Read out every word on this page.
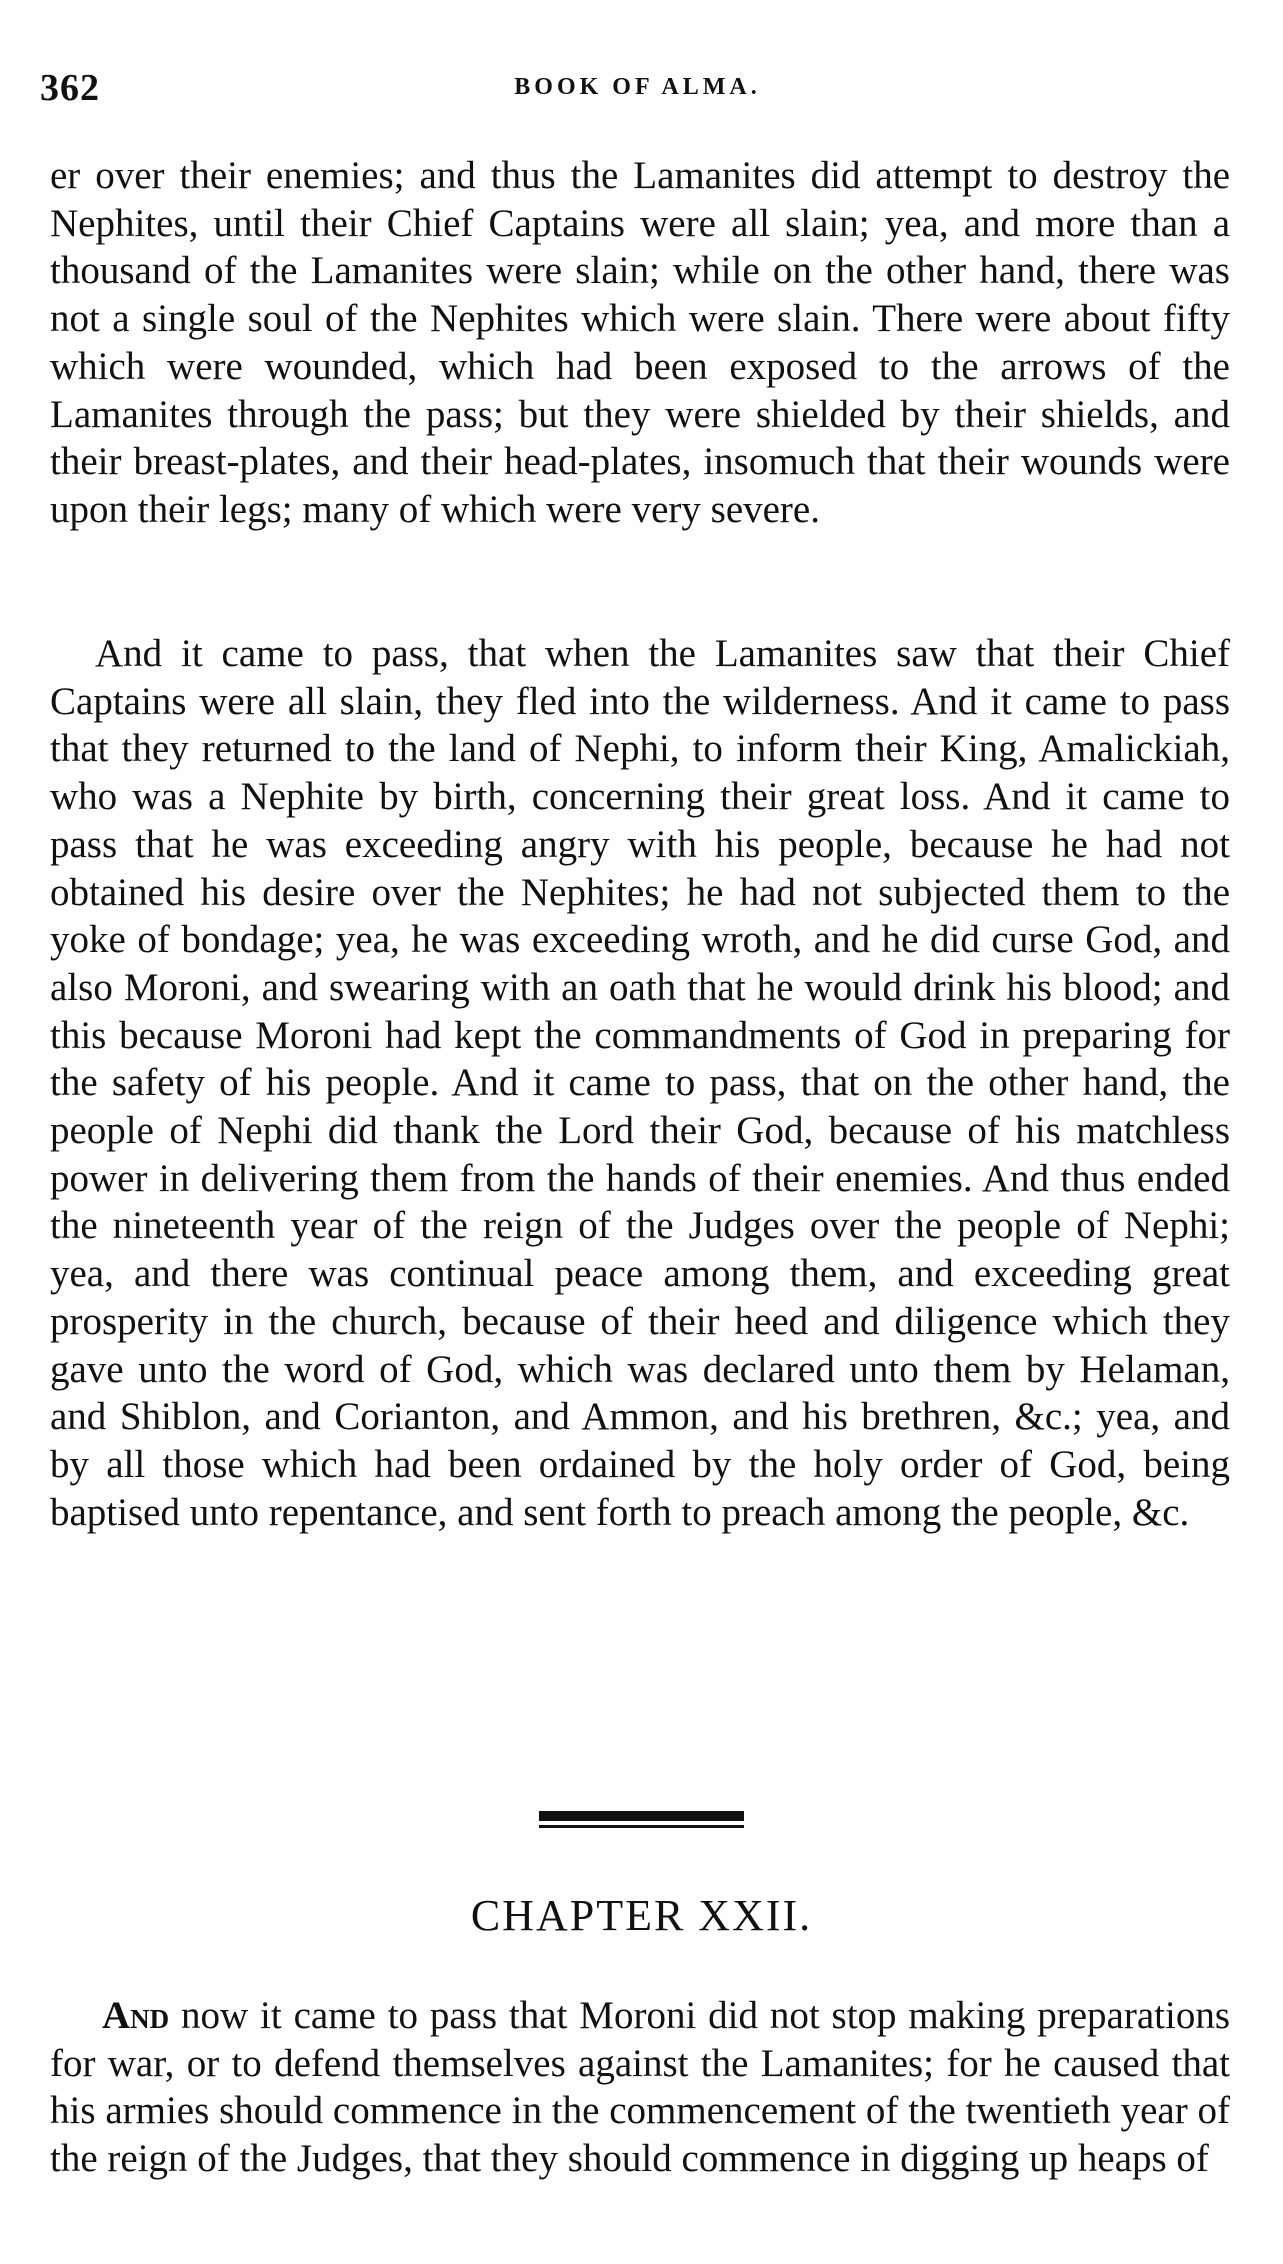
362	BOOK OF ALMA.

er over their enemies; and thus the Lamanites did attempt to destroy the Nephites, until their Chief Captains were all slain; yea, and more than a thousand of the Lamanites were slain; while on the other hand, there was not a single soul of the Nephites which were slain. There were about fifty which were wounded, which had been exposed to the arrows of the Lamanites through the pass; but they were shielded by their shields, and their breast-plates, and their head-plates, insomuch that their wounds were upon their legs; many of which were very severe.

And it came to pass, that when the Lamanites saw that their Chief Captains were all slain, they fled into the wilderness. And it came to pass that they returned to the land of Nephi, to inform their King, Amalickiah, who was a Nephite by birth, concerning their great loss. And it came to pass that he was exceeding angry with his people, because he had not obtained his desire over the Nephites; he had not subjected them to the yoke of bondage; yea, he was exceeding wroth, and he did curse God, and also Moroni, and swearing with an oath that he would drink his blood; and this because Moroni had kept the commandments of God in preparing for the safety of his people. And it came to pass, that on the other hand, the people of Nephi did thank the Lord their God, because of his matchless power in delivering them from the hands of their enemies. And thus ended the nineteenth year of the reign of the Judges over the people of Nephi; yea, and there was continual peace among them, and exceeding great prosperity in the church, because of their heed and diligence which they gave unto the word of God, which was declared unto them by Helaman, and Shiblon, and Corianton, and Ammon, and his brethren, &c.; yea, and by all those which had been ordained by the holy order of God, being baptised unto repentance, and sent forth to preach among the people, &c.

CHAPTER XXII.

And now it came to pass that Moroni did not stop making preparations for war, or to defend themselves against the Lamanites; for he caused that his armies should commence in the commencement of the twentieth year of the reign of the Judges, that they should commence in digging up heaps of
